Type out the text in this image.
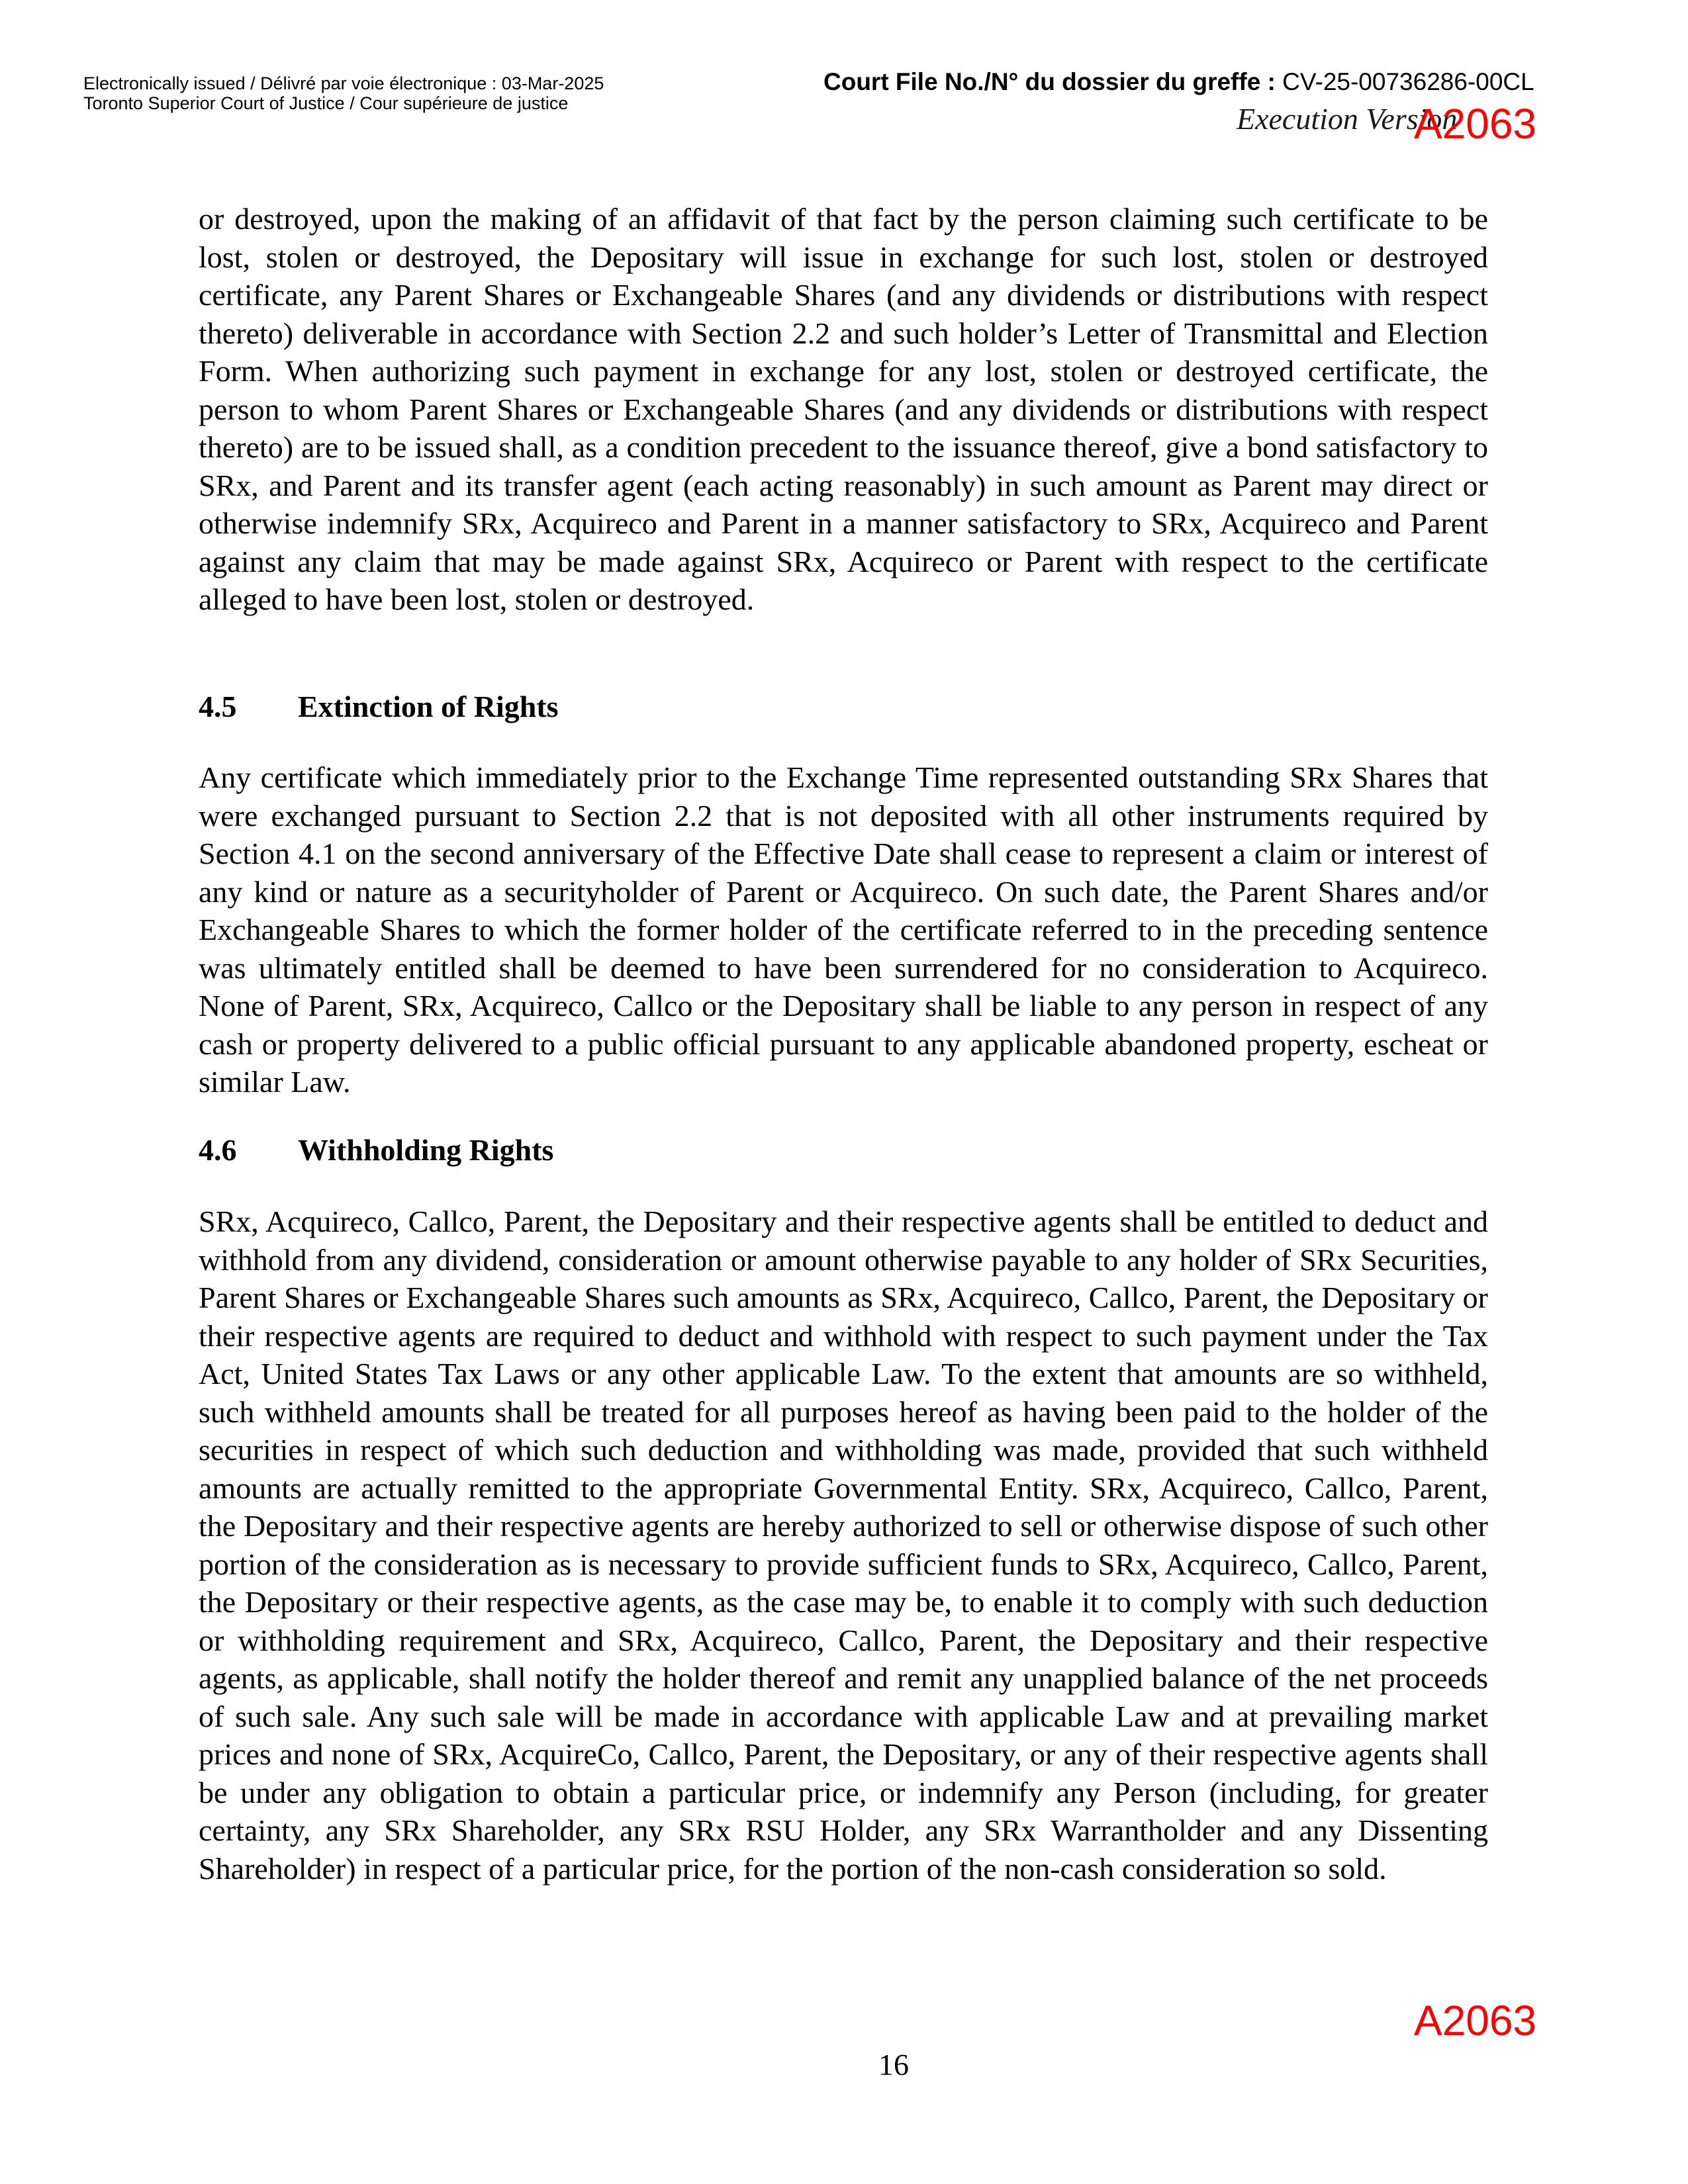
Electronically issued / Délivré par voie électronique : 03-Mar-2025
Toronto Superior Court of Justice / Cour supérieure de justice
Court File No./N° du dossier du greffe : CV-25-00736286-00CL
Execution Version
A2063

or destroyed, upon the making of an affidavit of that fact by the person claiming such certificate to be lost, stolen or destroyed, the Depositary will issue in exchange for such lost, stolen or destroyed certificate, any Parent Shares or Exchangeable Shares (and any dividends or distributions with respect thereto) deliverable in accordance with Section 2.2 and such holder’s Letter of Transmittal and Election Form. When authorizing such payment in exchange for any lost, stolen or destroyed certificate, the person to whom Parent Shares or Exchangeable Shares (and any dividends or distributions with respect thereto) are to be issued shall, as a condition precedent to the issuance thereof, give a bond satisfactory to SRx, and Parent and its transfer agent (each acting reasonably) in such amount as Parent may direct or otherwise indemnify SRx, Acquireco and Parent in a manner satisfactory to SRx, Acquireco and Parent against any claim that may be made against SRx, Acquireco or Parent with respect to the certificate alleged to have been lost, stolen or destroyed.

4.5 Extinction of Rights

Any certificate which immediately prior to the Exchange Time represented outstanding SRx Shares that were exchanged pursuant to Section 2.2 that is not deposited with all other instruments required by Section 4.1 on the second anniversary of the Effective Date shall cease to represent a claim or interest of any kind or nature as a securityholder of Parent or Acquireco. On such date, the Parent Shares and/or Exchangeable Shares to which the former holder of the certificate referred to in the preceding sentence was ultimately entitled shall be deemed to have been surrendered for no consideration to Acquireco. None of Parent, SRx, Acquireco, Callco or the Depositary shall be liable to any person in respect of any cash or property delivered to a public official pursuant to any applicable abandoned property, escheat or similar Law.

4.6 Withholding Rights

SRx, Acquireco, Callco, Parent, the Depositary and their respective agents shall be entitled to deduct and withhold from any dividend, consideration or amount otherwise payable to any holder of SRx Securities, Parent Shares or Exchangeable Shares such amounts as SRx, Acquireco, Callco, Parent, the Depositary or their respective agents are required to deduct and withhold with respect to such payment under the Tax Act, United States Tax Laws or any other applicable Law. To the extent that amounts are so withheld, such withheld amounts shall be treated for all purposes hereof as having been paid to the holder of the securities in respect of which such deduction and withholding was made, provided that such withheld amounts are actually remitted to the appropriate Governmental Entity. SRx, Acquireco, Callco, Parent, the Depositary and their respective agents are hereby authorized to sell or otherwise dispose of such other portion of the consideration as is necessary to provide sufficient funds to SRx, Acquireco, Callco, Parent, the Depositary or their respective agents, as the case may be, to enable it to comply with such deduction or withholding requirement and SRx, Acquireco, Callco, Parent, the Depositary and their respective agents, as applicable, shall notify the holder thereof and remit any unapplied balance of the net proceeds of such sale. Any such sale will be made in accordance with applicable Law and at prevailing market prices and none of SRx, AcquireCo, Callco, Parent, the Depositary, or any of their respective agents shall be under any obligation to obtain a particular price, or indemnify any Person (including, for greater certainty, any SRx Shareholder, any SRx RSU Holder, any SRx Warrantholder and any Dissenting Shareholder) in respect of a particular price, for the portion of the non-cash consideration so sold.

A2063
16
